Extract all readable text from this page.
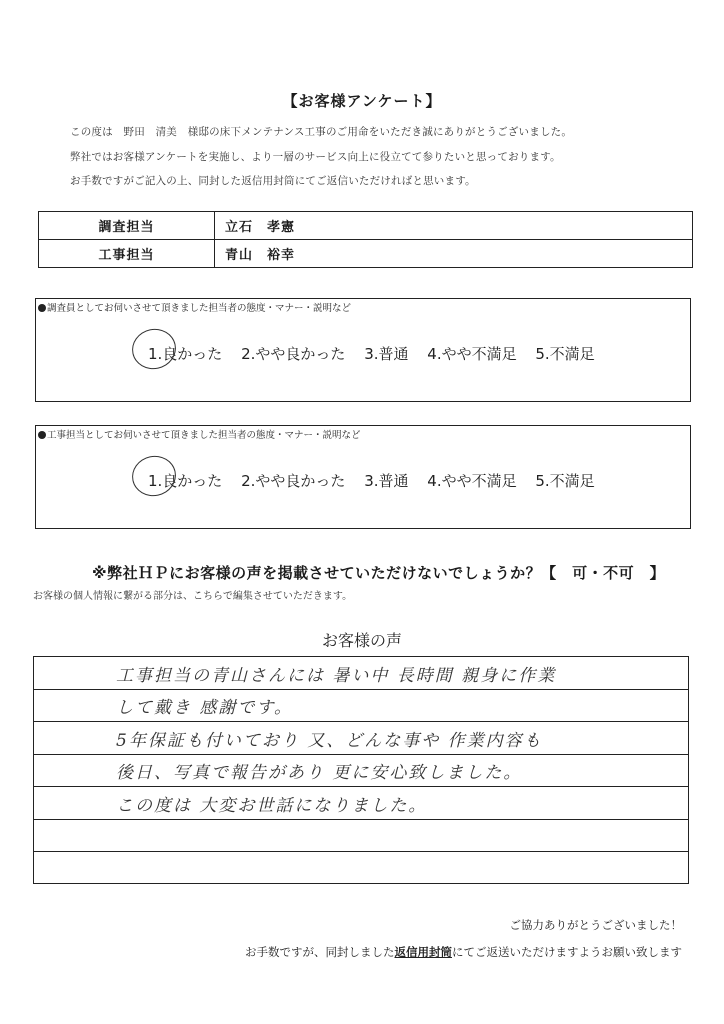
【お客様アンケート】
この度は　野田　清美　様邸の床下メンテナンス工事のご用命をいただき誠にありがとうございました。
弊社ではお客様アンケートを実施し、より一層のサービス向上に役立てて参りたいと思っております。
お手数ですがご記入の上、同封した返信用封筒にてご返信いただければと思います。
調査担当	立石　孝憲
工事担当	青山　裕幸
調査員としてお伺いさせて頂きました担当者の態度・マナー・説明など
1.良かった 2.やや良かった 3.普通 4.やや不満足 5.不満足
工事担当としてお伺いさせて頂きました担当者の態度・マナー・説明など
1.良かった 2.やや良かった 3.普通 4.やや不満足 5.不満足
※弊社ＨＰにお客様の声を掲載させていただけないでしょうか？【　可・不可　】
お客様の個人情報に繋がる部分は、こちらで編集させていただきます。
お客様の声
工事担当の青山さんには 暑い中 長時間 親身に作業
して戴き 感謝です。
5年保証も付いており 又、どんな事や 作業内容も
後日、写真で報告があり 更に安心致しました。
この度は 大変お世話になりました。
ご協力ありがとうございました！
お手数ですが、同封しました返信用封筒にてご返送いただけますようお願い致します
